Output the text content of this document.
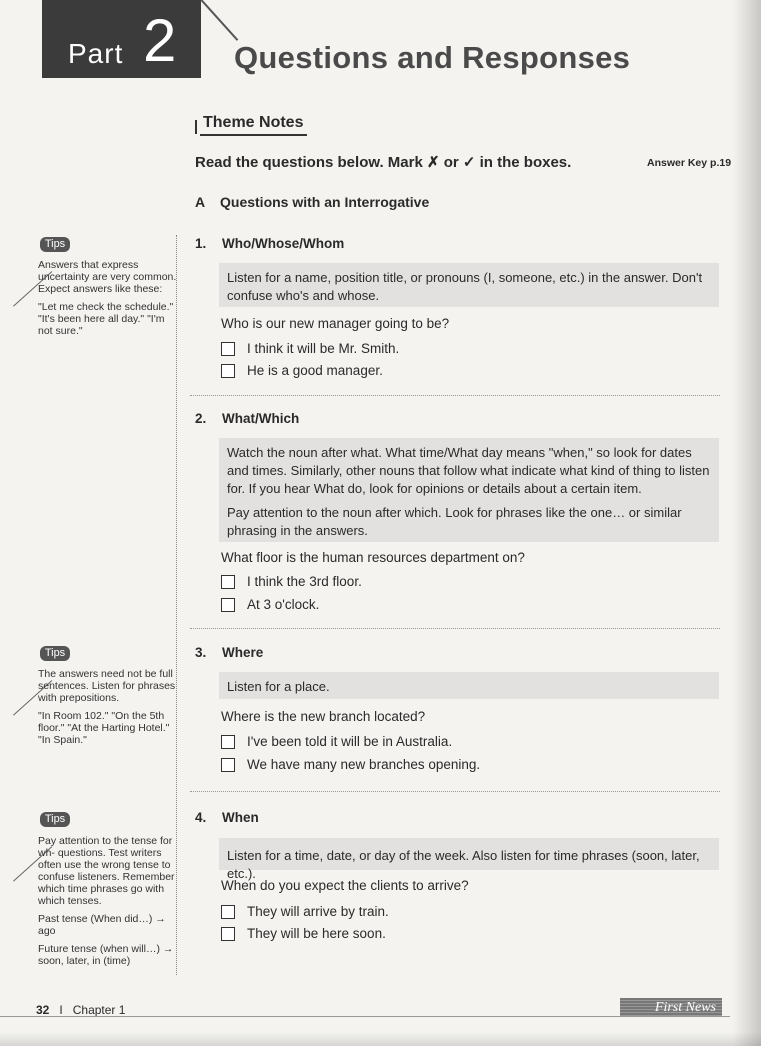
Part 2 Questions and Responses
Theme Notes
Read the questions below. Mark ✗ or ✓ in the boxes.	Answer Key p.19
A Questions with an Interrogative
1. Who/Whose/Whom

Listen for a name, position title, or pronouns (I, someone, etc.) in the answer. Don't confuse who's and whose.

Who is our new manager going to be?
I think it will be Mr. Smith.
He is a good manager.
2. What/Which

Watch the noun after what. What time/What day means "when," so look for dates and times. Similarly, other nouns that follow what indicate what kind of thing to listen for. If you hear What do, look for opinions or details about a certain item.

Pay attention to the noun after which. Look for phrases like the one… or similar phrasing in the answers.

What floor is the human resources department on?
I think the 3rd floor.
At 3 o'clock.
3. Where

Listen for a place.

Where is the new branch located?
I've been told it will be in Australia.
We have many new branches opening.
4. When

Listen for a time, date, or day of the week. Also listen for time phrases (soon, later, etc.).

When do you expect the clients to arrive?
They will arrive by train.
They will be here soon.
Tips

Answers that express uncertainty are very common. Expect answers like these:

"Let me check the schedule." "It's been here all day." "I'm not sure."

Tips

The answers need not be full sentences. Listen for phrases with prepositions.

"In Room 102." "On the 5th floor." "At the Harting Hotel." "In Spain."

Tips

Pay attention to the tense for wh- questions. Test writers often use the wrong tense to confuse listeners. Remember which time phrases go with which tenses.

Past tense (When did…) → ago

Future tense (when will…) → soon, later, in (time)

32 I Chapter 1	First News
